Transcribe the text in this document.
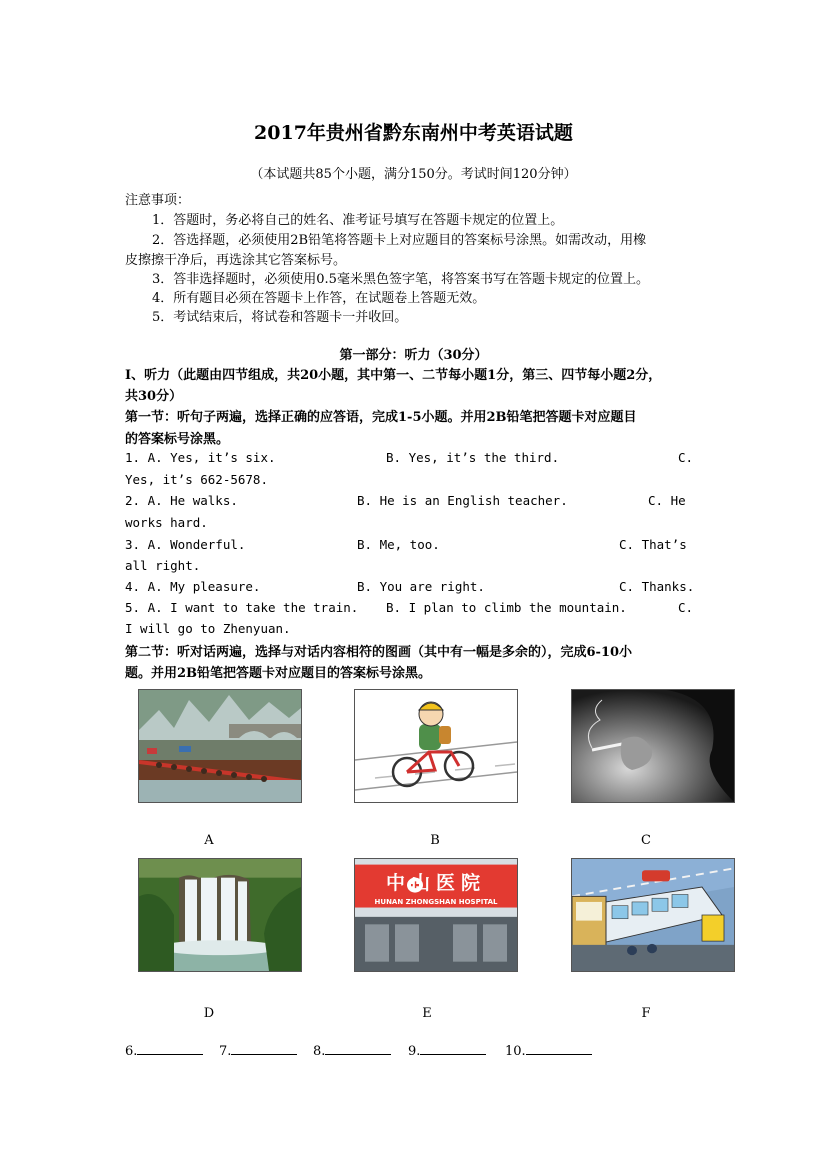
2017年贵州省黔东南州中考英语试题
（本试题共85个小题，满分150分。考试时间120分钟）
注意事项：
1．答题时，务必将自己的姓名、准考证号填写在答题卡规定的位置上。
2．答选择题，必须使用2B铅笔将答题卡上对应题目的答案标号涂黑。如需改动，用橡
皮擦擦干净后，再选涂其它答案标号。
3．答非选择题时，必须使用0.5毫米黑色签字笔，将答案书写在答题卡规定的位置上。
4．所有题目必须在答题卡上作答，在试题卷上答题无效。
5．考试结束后，将试卷和答题卡一并收回。
第一部分：听力（30分）
Ⅰ、听力（此题由四节组成，共20小题，其中第一、二节每小题1分，第三、四节每小题2分，
共30分）
第一节：听句子两遍，选择正确的应答语，完成1-5小题。并用2B铅笔把答题卡对应题目
的答案标号涂黑。
1. A. Yes, it’s six.	B. Yes, it’s the third.	C.
Yes, it’s 662-5678.
2. A. He walks.	B. He is an English teacher.	C. He
works hard.
3. A. Wonderful.	B. Me, too.	C. That’s
all right.
4. A. My pleasure.	B. You are right.	C. Thanks.
5. A. I want to take the train. B. I plan to climb the mountain.	C.
I will go to Zhenyuan.
第二节：听对话两遍，选择与对话内容相符的图画（其中有一幅是多余的），完成6-10小
题。并用2B铅笔把答题卡对应题目的答案标号涂黑。
A	B	C
中山医院
HUNAN ZHONGSHAN HOSPITAL
D	E	F
6.	7.	8.	9.	10.
